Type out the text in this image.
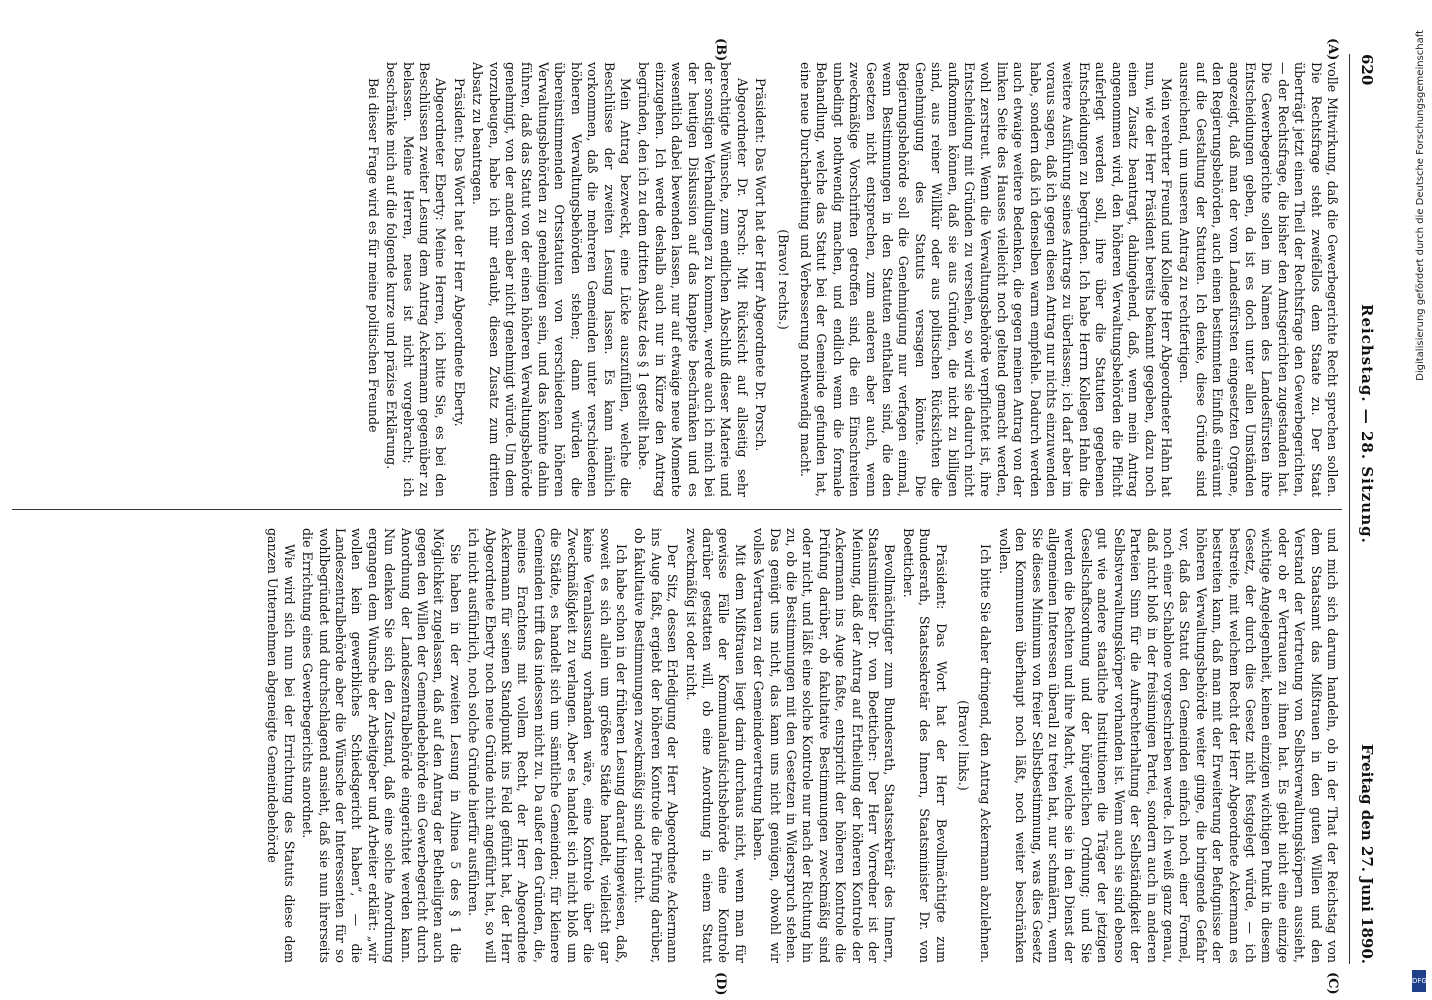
620
Reichstag. — 28. Sitzung.
Freitag den 27. Juni 1890.
(A)
(B)
(C)
(D)

volle Mitwirkung, daß die Gewerbegerichte Recht sprechen sollen. Die Rechtsfrage steht zweifellos dem Staate zu. Der Staat überträgt jetzt einen Theil der Rechtsfrage den Gewerbegerichten, — der Rechtsfrage, die bisher den Amtsgerichten zugestanden hat. Die Gewerbegerichte sollen im Namen des Landesfürsten ihre Entscheidungen geben, da ist es doch unter allen Umständen angezeigt, daß man der vom Landesfürsten eingesetzten Organe, den Regierungsbehörden, auch einen bestimmten Einfluß einräumt auf die Gestaltung der Statuten. Ich denke, diese Gründe sind ausreichend, um unseren Antrag zu rechtfertigen.

Mein verehrter Freund und Kollege Herr Abgeordneter Hahn hat nun, wie der Herr Präsident bereits bekannt gegeben, dazu noch einen Zusatz beantragt, dahingehend, daß, wenn mein Antrag angenommen wird, den höheren Verwaltungsbehörden die Pflicht auferlegt werden soll, ihre über die Statuten gegebenen Entscheidungen zu begründen. Ich habe Herrn Kollegen Hahn die weitere Ausführung seines Antrags zu überlassen; ich darf aber im voraus sagen, daß ich gegen diesen Antrag nur nichts einzuwenden habe, sondern daß ich denselben warm empfehle. Dadurch werden auch etwaige weitere Bedenken, die gegen meinen Antrag von der linken Seite des Hauses vielleicht noch geltend gemacht werden, wohl zerstreut. Wenn die Verwaltungsbehörde verpflichtet ist, ihre Entscheidung mit Gründen zu versehen, so wird sie dadurch nicht aufkommen können, daß sie aus Gründen, die nicht zu billigen sind, aus reiner Willkür oder aus politischen Rücksichten die Genehmigung des Statuts versagen könnte. Die Regierungsbehörde soll die Genehmigung nur verfagen einmal, wenn Bestimmungen in den Statuten enthalten sind, die den Gesetzen nicht entsprechen, zum anderen aber auch, wenn zweckmäßige Vorschriften getroffen sind, die ein Einschreiten unbedingt nothwendig machen, und endlich wenn die formale Behandlung, welche das Statut bei der Gemeinde gefunden hat, eine neue Durcharbeitung und Verbesserung nothwendig macht.

(Bravo! rechts.)

Präsident: Das Wort hat der Herr Abgeordnete Dr. Porsch.

Abgeordneter Dr. Porsch: Mit Rücksicht auf allseitig sehr berechtigte Wünsche, zum endlichen Abschluß dieser Materie und der sonstigen Verhandlungen zu kommen, werde auch ich mich bei der heutigen Diskussion auf das knappste beschränken und es wesentlich dabei bewenden lassen, nur auf etwaige neue Momente einzugehen. Ich werde deshalb auch nur in Kürze den Antrag begründen, den ich zu dem dritten Absatz des § 1 gestellt habe.

Mein Antrag bezweckt, eine Lücke auszufüllen, welche die Beschlüsse der zweiten Lesung lassen. Es kann nämlich vorkommen, daß die mehreren Gemeinden unter verschiedenen höheren Verwaltungsbehörden stehen; dann würden die übereinstimmenden Ortsstatuten von verschiedenen höheren Verwaltungsbehörden zu genehmigen sein, und das könnte dahin führen, daß das Statut von der einen höheren Verwaltungsbehörde genehmigt, von der anderen aber nicht genehmigt würde. Um dem vorzubeugen, habe ich mir erlaubt, diesen Zusatz zum dritten Absatz zu beantragen.

Präsident: Das Wort hat der Herr Abgeordnete Eberty.

Abgeordneter Eberty: Meine Herren, ich bitte Sie, es bei den Beschlüssen zweiter Lesung dem Antrag Ackermann gegenüber zu belassen. Meine Herren, neues ist nicht vorgebracht; ich beschränke mich auf die folgende kurze und präzise Erklärung.

Bei dieser Frage wird es für meine politischen Freunde

und mich sich darum handeln, ob in der That der Reichstag von dem Staatsamt das Mißtrauen in den guten Willen und den Verstand der Vertretung von Selbstverwaltungskörpern aussieht, oder ob er Vertrauen zu ihnen hat. Es giebt nicht eine einzige wichtige Angelegenheit, keinen einzigen wichtigen Punkt in diesem Gesetz, der durch dies Gesetz nicht festgelegt würde, — ich bestreite, mit welchem Recht der Herr Abgeordnete Ackermann es bestreiten kann, daß man mit der Erweiterung der Befugnisse der höheren Verwaltungsbehörde weiter ginge, die bringende Gefahr vor, daß das Statut den Gemeinden einfach noch einer Formel, noch einer Schablone vorgeschrieben werde. Ich weiß ganz genau, daß nicht bloß in der freisinnigen Partei, sondern auch in anderen Parteien Sinn für die Aufrechterhaltung der Selbständigkeit der Selbstverwaltungskörper vorhanden ist. Wenn auch sie sind ebenso gut wie andere staatliche Institutionen die Träger der jetzigen Gesellschaftsordnung und der bürgerlichen Ordnung; und Sie werden die Rechten und ihre Macht, welche sie in den Dienst der allgemeinen Interessen überall zu treten hat, nur schmälern, wenn Sie dieses Minimum von freier Selbstbestimmung, was dies Gesetz den Kommunen überhaupt noch läßt, noch weiter beschränken wollen.

Ich bitte Sie daher dringend, den Antrag Ackermann abzulehnen.

(Bravo! links.)

Präsident: Das Wort hat der Herr Bevollmächtigte zum Bundesrath, Staatssekretär des Innern, Staatsminister Dr. von Boetticher.

Bevollmächtigter zum Bundesrath, Staatssekretär des Innern, Staatsminister Dr. von Boetticher: Der Herr Vorredner ist der Meinung, daß der Antrag auf Ertheilung der höheren Kontrole der Ackermann ins Auge faßte, entspricht der höheren Kontrole die Prüfung darüber, ob fakultative Bestimmungen zweckmäßig sind oder nicht, und läßt eine solche Kontrole nur nach der Richtung hin zu, ob die Bestimmungen mit den Gesetzen in Widerspruch stehen. Das genügt uns nicht, das kann uns nicht genügen, obwohl wir volles Vertrauen zu der Gemeindevertretung haben.

Mit dem Mißtrauen liegt darin durchaus nicht, wenn man für gewisse Fälle der Kommunalaufsichtsbehörde eine Kontrole darüber gestatten will, ob eine Anordnung in einem Statut zweckmäßig ist oder nicht.

Der Sitz, dessen Erledigung der Herr Abgeordnete Ackermann ins Auge faßt, ergiebt der höheren Kontrole die Prüfung darüber, ob fakultative Bestimmungen zweckmäßig sind oder nicht.

Ich habe schon in der früheren Lesung darauf hingewiesen, daß, soweit es sich allein um größere Städte handelt, vielleicht gar keine Veranlassung vorhanden wäre, eine Kontrole über die Zweckmäßigkeit zu verlangen. Aber es handelt sich nicht bloß um die Städte, es handelt sich um sämtliche Gemeinden; für kleinere Gemeinden trifft das indessen nicht zu. Da außer den Gründen, die, meines Erachtens mit vollem Recht, der Herr Abgeordnete Ackermann für seinen Standpunkt ins Feld geführt hat, der Herr Abgeordnete Eberty noch neue Gründe nicht angeführt hat, so will ich nicht ausführlich, noch solche Gründe hierfür ausführen.

Sie haben in der zweiten Lesung in Alinea 5 des § 1 die Möglichkeit zugelassen, daß auf den Antrag der Betheiligten auch gegen den Willen der Gemeindebehörde ein Gewerbegericht durch Anordnung der Landeszentralbehörde eingerichtet werden kann. Nun denken Sie sich den Zustand, daß eine solche Anordnung ergangen dem Wunsche der Arbeitgeber und Arbeiter erklärt: „wir wollen kein gewerbliches Schiedsgericht haben“, — die Landeszentralbehörde aber die Wünsche der Interessenten für so wohlbegründet und durchschlagend ansieht, daß sie nun ihrerseits die Errichtung eines Gewerbegerichts anordnet.

Wie wird sich nun bei der Errichtung des Statuts diese dem ganzen Unternehmen abgeneigte Gemeindebehörde

Digitalisierung gefördert durch die Deutsche Forschungsgemeinschaft
DFG
